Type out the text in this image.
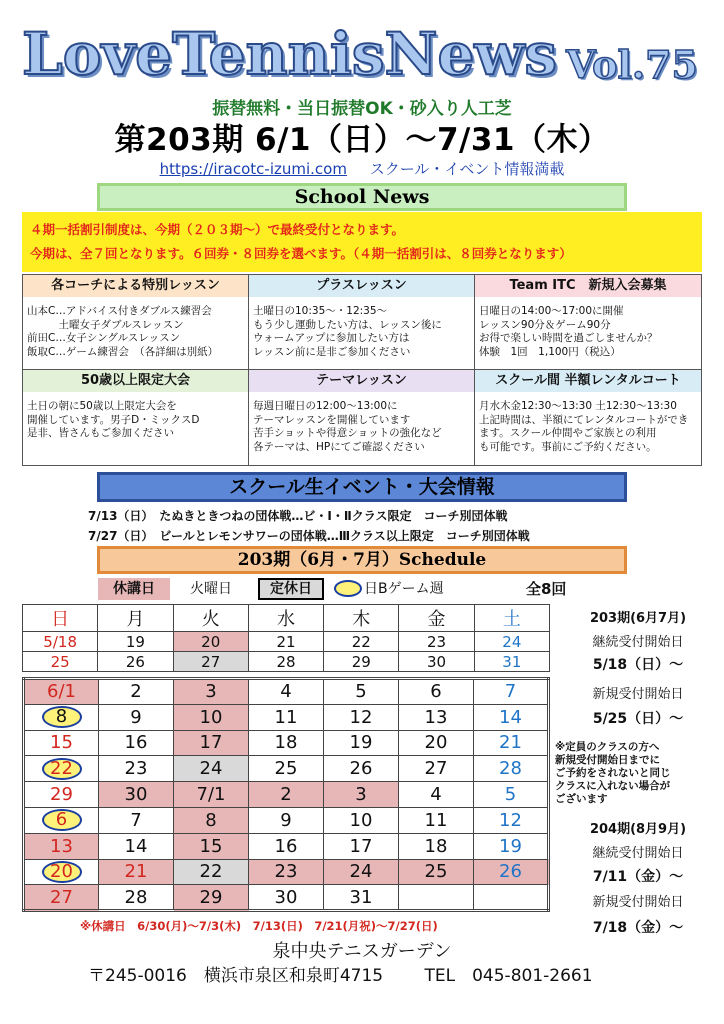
LoveTennisNews Vol.75
振替無料・当日振替OK・砂入り人工芝
第203期 6/1（日）～7/31（木）
https://iracotc-izumi.com スクール・イベント情報満載
School News
４期一括割引制度は、今期（２０３期～）で最終受付となります。
今期は、全７回となります。６回券・８回券を選べます。（４期一括割引は、８回券となります）
各コーチによる特別レッスン
山本C…アドバイス付きダブルス練習会
　　　土曜女子ダブルスレッスン
前田C…女子シングルスレッスン
飯取C…ゲーム練習会　（各詳細は別紙）
プラスレッスン
土曜日の10:35～・12:35～
もう少し運動したい方は、レッスン後に
ウォームアップに参加したい方は
レッスン前に是非ご参加ください
Team ITC　新規入会募集
日曜日の14:00～17:00に開催
レッスン90分＆ゲーム90分
お得で楽しい時間を過ごしませんか？
体験　1回　1,100円（税込）
50歳以上限定大会
土日の朝に50歳以上限定大会を
開催しています。男子D・ミックスD
是非、皆さんもご参加ください
テーマレッスン
毎週日曜日の12:00～13:00に
テーマレッスンを開催しています
苦手ショットや得意ショットの強化など
各テーマは、HPにてご確認ください
スクール間 半額レンタルコート
月水木金12:30～13:30 土12:30～13:30
上記時間は、半額にてレンタルコートができ
ます。スクール仲間やご家族との利用
も可能です。事前にご予約ください。
スクール生イベント・大会情報
7/13（日）　たぬきときつねの団体戦…ビ・Ⅰ・Ⅱクラス限定　コーチ別団体戦
7/27（日）　ビールとレモンサワーの団体戦…Ⅲクラス以上限定　コーチ別団体戦
203期（6月・7月）Schedule
休講日	火曜日	定休日	日Bゲーム週	全8回
日	月	火	水	木	金	土
5/18	19	20	21	22	23	24
25	26	27	28	29	30	31
6/1	2	3	4	5	6	7
8	9	10	11	12	13	14
15	16	17	18	19	20	21
22	23	24	25	26	27	28
29	30	7/1	2	3	4	5
6	7	8	9	10	11	12
13	14	15	16	17	18	19
20	21	22	23	24	25	26
27	28	29	30	31		
203期(6月7月)
継続受付開始日
5/18（日）～
新規受付開始日
5/25（日）～
※定員のクラスの方へ
新規受付開始日までに
ご予約をされないと同じ
クラスに入れない場合が
ございます
204期(8月9月)
継続受付開始日
7/11（金）～
新規受付開始日
7/18（金）～
※休講日　6/30(月)～7/3(木)　7/13(日)　7/21(月祝)～7/27(日)
泉中央テニスガーデン
〒245-0016　横浜市泉区和泉町4715 TEL　045-801-2661
